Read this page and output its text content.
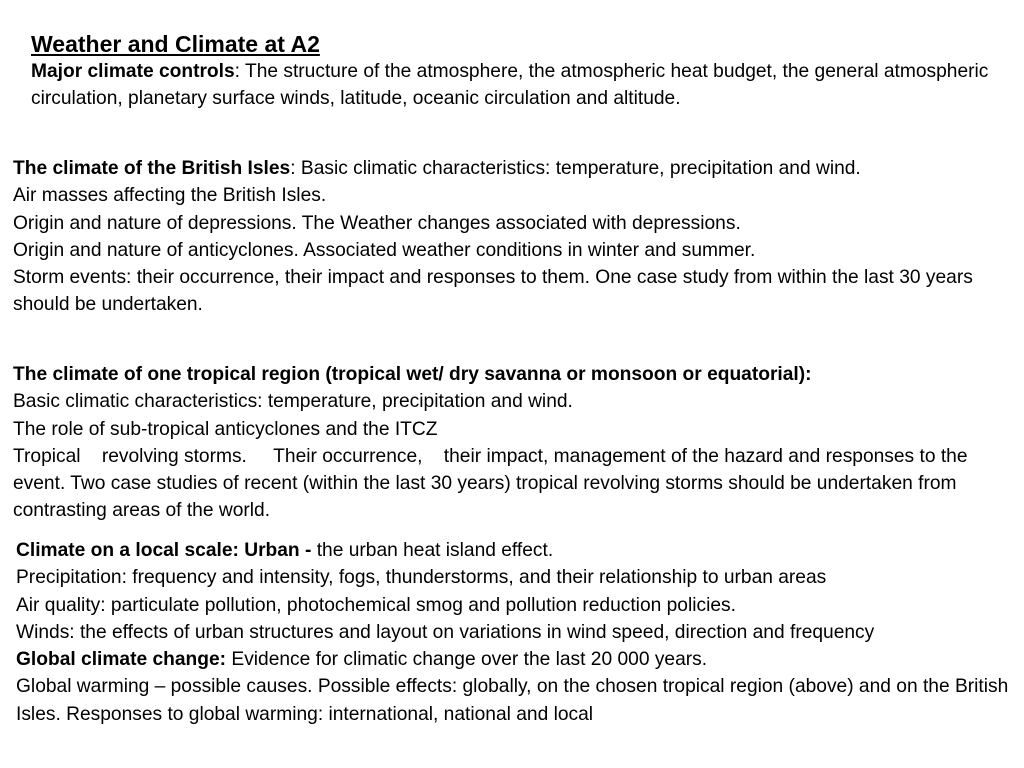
Weather and Climate at A2

Major climate controls: The structure of the atmosphere, the atmospheric heat budget, the general atmospheric circulation, planetary surface winds, latitude, oceanic circulation and altitude.

The climate of the British Isles: Basic climatic characteristics: temperature, precipitation and wind.

Air masses affecting the British Isles.

Origin and nature of depressions. The Weather changes associated with depressions.

Origin and nature of anticyclones. Associated weather conditions in winter and summer.

Storm events: their occurrence, their impact and responses to them. One case study from within the last 30 years should be undertaken.

The climate of one tropical region (tropical wet/ dry savanna or monsoon or equatorial):

Basic climatic characteristics: temperature, precipitation and wind.

The role of sub-tropical anticyclones and the ITCZ

Tropical    revolving storms.     Their occurrence,    their impact, management of the hazard and responses to the event. Two case studies of recent (within the last 30 years) tropical revolving storms should be undertaken from contrasting areas of the world.

Climate on a local scale: Urban - the urban heat island effect.

Precipitation: frequency and intensity, fogs, thunderstorms, and their relationship to urban areas

Air quality: particulate pollution, photochemical smog and pollution reduction policies.

Winds: the effects of urban structures and layout on variations in wind speed, direction and frequency

Global climate change: Evidence for climatic change over the last 20 000 years.

Global warming – possible causes. Possible effects: globally, on the chosen tropical region (above) and on the British Isles. Responses to global warming: international, national and local
